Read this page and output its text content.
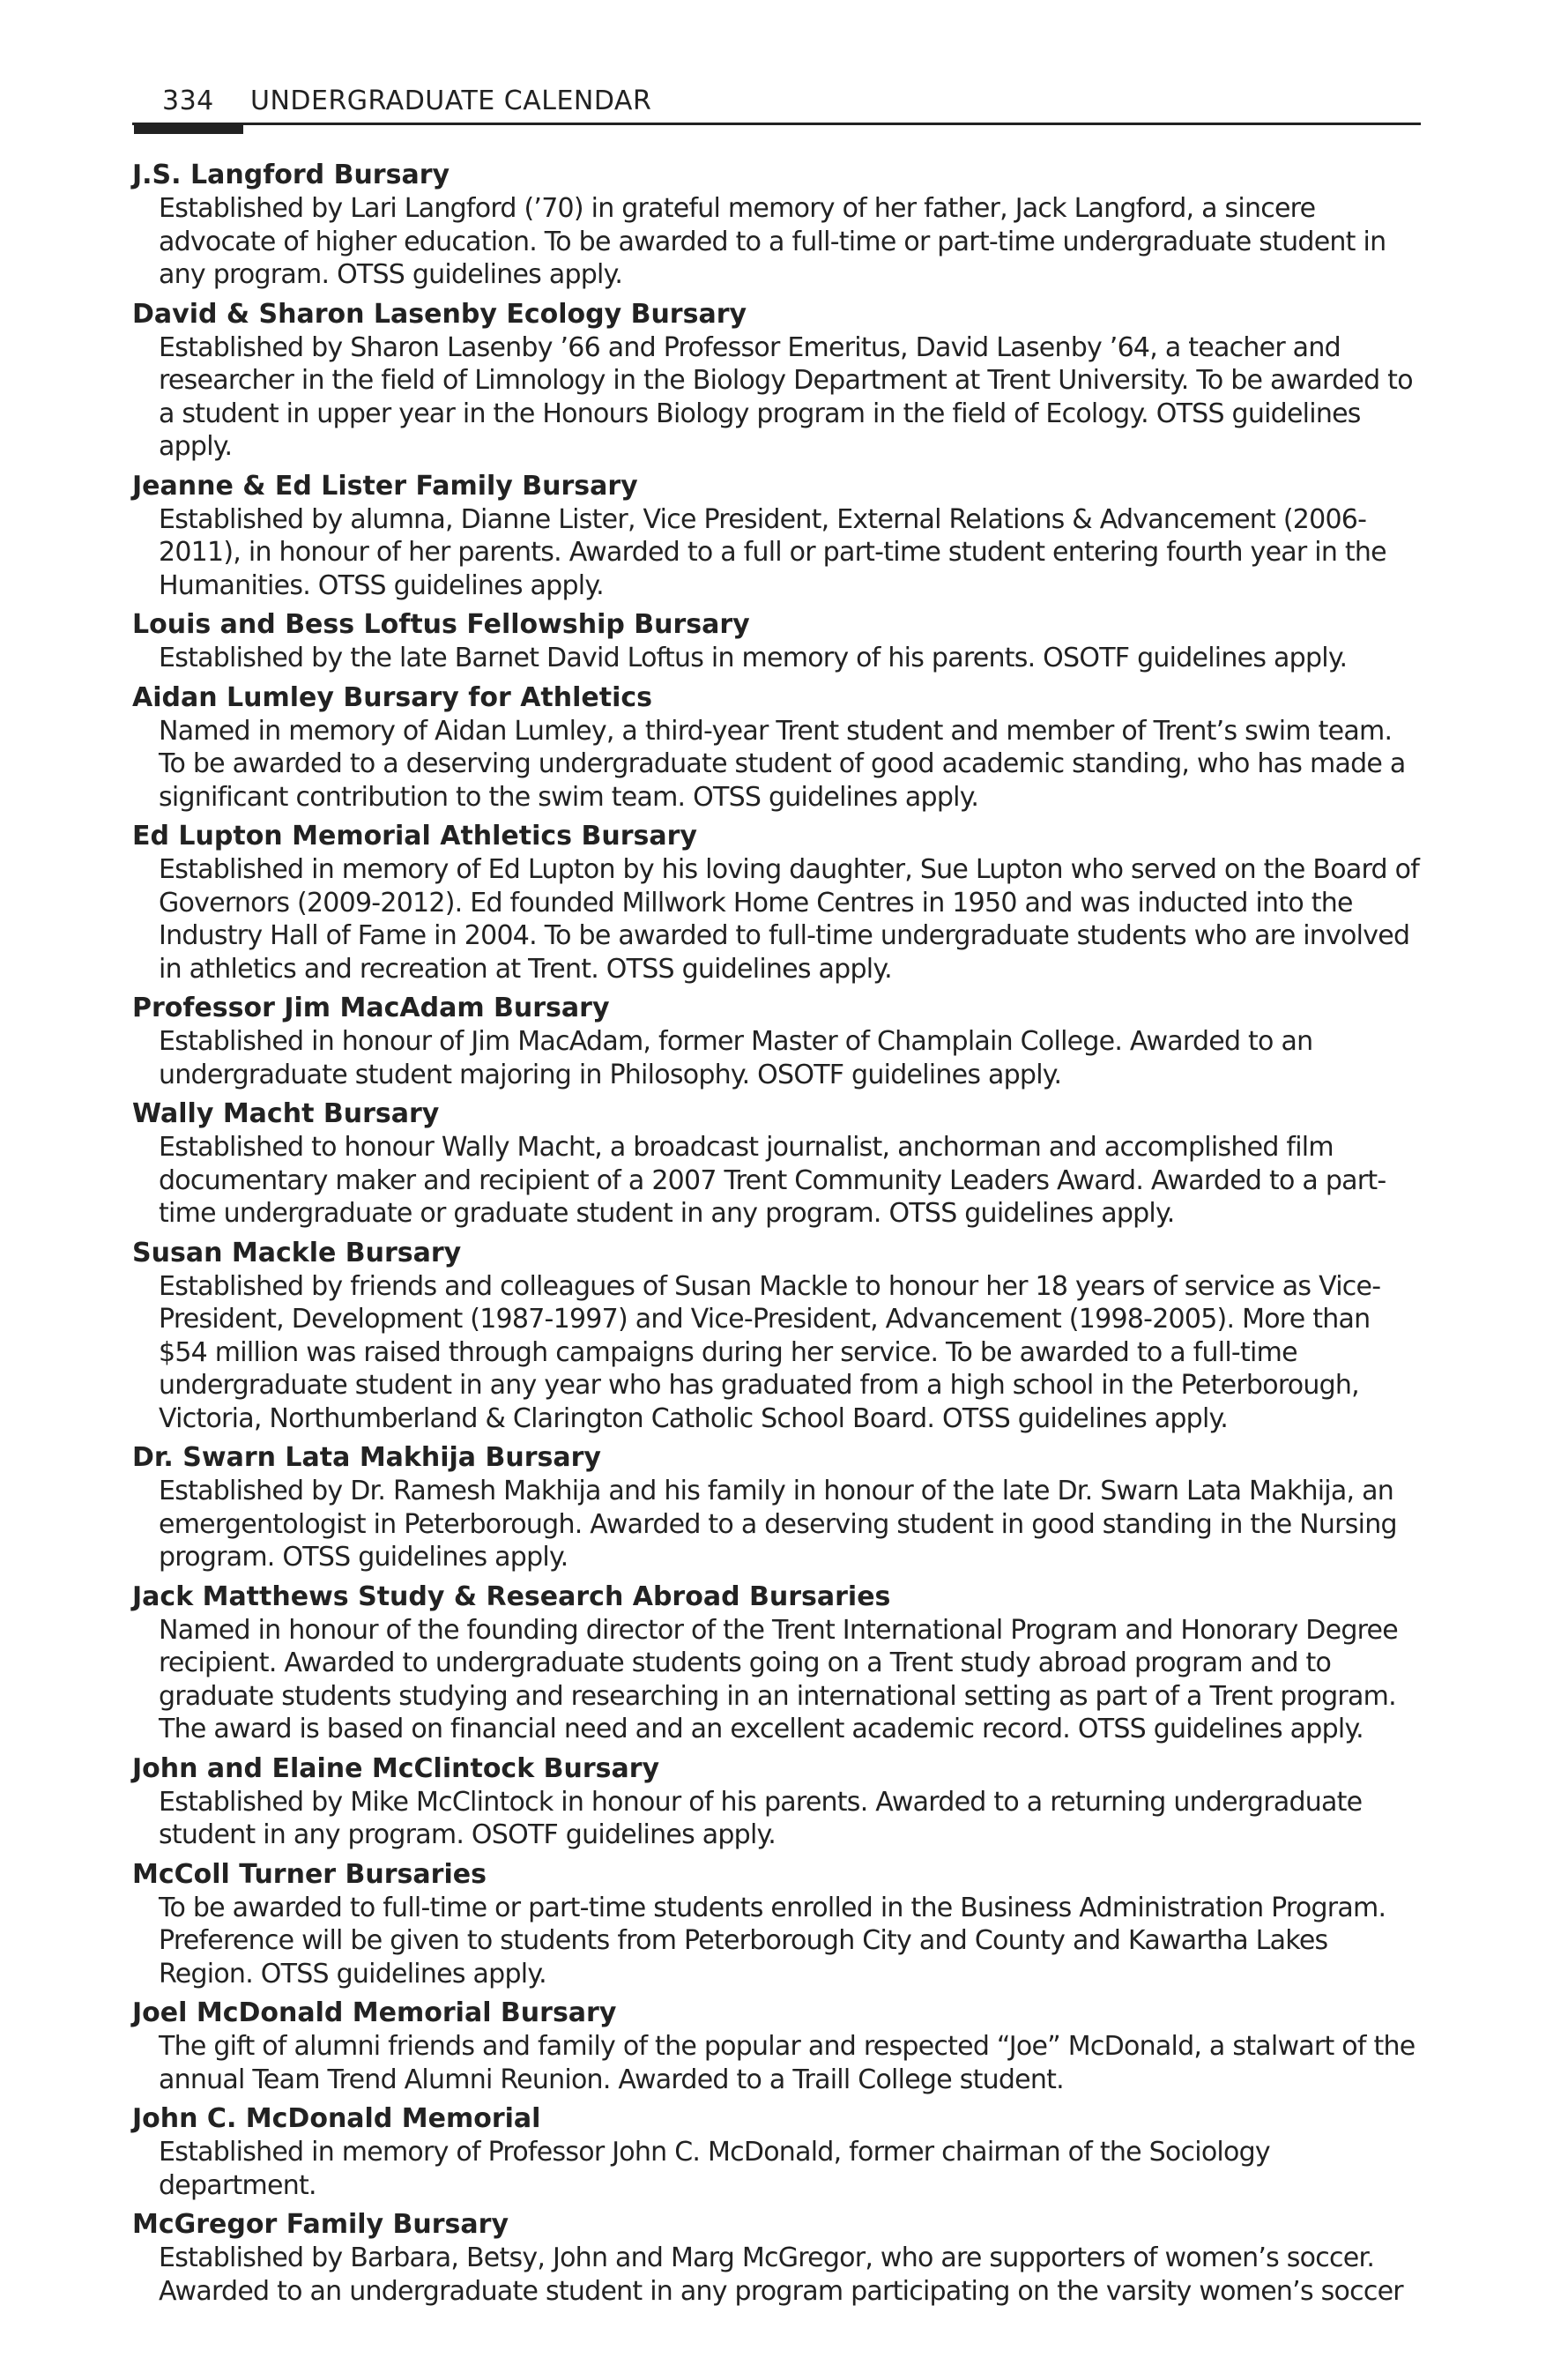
334 UNDERGRADUATE CALENDAR

J.S. Langford Bursary

Established by Lari Langford (’70) in grateful memory of her father, Jack Langford, a sincere advocate of higher education. To be awarded to a full-time or part-time undergraduate student in any program. OTSS guidelines apply.

David & Sharon Lasenby Ecology Bursary

Established by Sharon Lasenby ’66 and Professor Emeritus, David Lasenby ’64, a teacher and researcher in the field of Limnology in the Biology Department at Trent University. To be awarded to a student in upper year in the Honours Biology program in the field of Ecology. OTSS guidelines apply.

Jeanne & Ed Lister Family Bursary

Established by alumna, Dianne Lister, Vice President, External Relations & Advancement (2006-2011), in honour of her parents. Awarded to a full or part-time student entering fourth year in the Humanities. OTSS guidelines apply.

Louis and Bess Loftus Fellowship Bursary

Established by the late Barnet David Loftus in memory of his parents. OSOTF guidelines apply.

Aidan Lumley Bursary for Athletics

Named in memory of Aidan Lumley, a third-year Trent student and member of Trent’s swim team. To be awarded to a deserving undergraduate student of good academic standing, who has made a significant contribution to the swim team. OTSS guidelines apply.

Ed Lupton Memorial Athletics Bursary

Established in memory of Ed Lupton by his loving daughter, Sue Lupton who served on the Board of Governors (2009-2012). Ed founded Millwork Home Centres in 1950 and was inducted into the Industry Hall of Fame in 2004. To be awarded to full-time undergraduate students who are involved in athletics and recreation at Trent. OTSS guidelines apply.

Professor Jim MacAdam Bursary

Established in honour of Jim MacAdam, former Master of Champlain College. Awarded to an undergraduate student majoring in Philosophy. OSOTF guidelines apply.

Wally Macht Bursary

Established to honour Wally Macht, a broadcast journalist, anchorman and accomplished film documentary maker and recipient of a 2007 Trent Community Leaders Award. Awarded to a part-time undergraduate or graduate student in any program. OTSS guidelines apply.

Susan Mackle Bursary

Established by friends and colleagues of Susan Mackle to honour her 18 years of service as Vice-President, Development (1987-1997) and Vice-President, Advancement (1998-2005). More than $54 million was raised through campaigns during her service. To be awarded to a full-time undergraduate student in any year who has graduated from a high school in the Peterborough, Victoria, Northumberland & Clarington Catholic School Board. OTSS guidelines apply.

Dr. Swarn Lata Makhija Bursary

Established by Dr. Ramesh Makhija and his family in honour of the late Dr. Swarn Lata Makhija, an emergentologist in Peterborough. Awarded to a deserving student in good standing in the Nursing program. OTSS guidelines apply.

Jack Matthews Study & Research Abroad Bursaries

Named in honour of the founding director of the Trent International Program and Honorary Degree recipient. Awarded to undergraduate students going on a Trent study abroad program and to graduate students studying and researching in an international setting as part of a Trent program. The award is based on financial need and an excellent academic record. OTSS guidelines apply.

John and Elaine McClintock Bursary

Established by Mike McClintock in honour of his parents. Awarded to a returning undergraduate student in any program. OSOTF guidelines apply.

McColl Turner Bursaries

To be awarded to full-time or part-time students enrolled in the Business Administration Program. Preference will be given to students from Peterborough City and County and Kawartha Lakes Region. OTSS guidelines apply.

Joel McDonald Memorial Bursary

The gift of alumni friends and family of the popular and respected “Joe” McDonald, a stalwart of the annual Team Trend Alumni Reunion. Awarded to a Traill College student.

John C. McDonald Memorial

Established in memory of Professor John C. McDonald, former chairman of the Sociology department.

McGregor Family Bursary

Established by Barbara, Betsy, John and Marg McGregor, who are supporters of women’s soccer. Awarded to an undergraduate student in any program participating on the varsity women’s soccer
